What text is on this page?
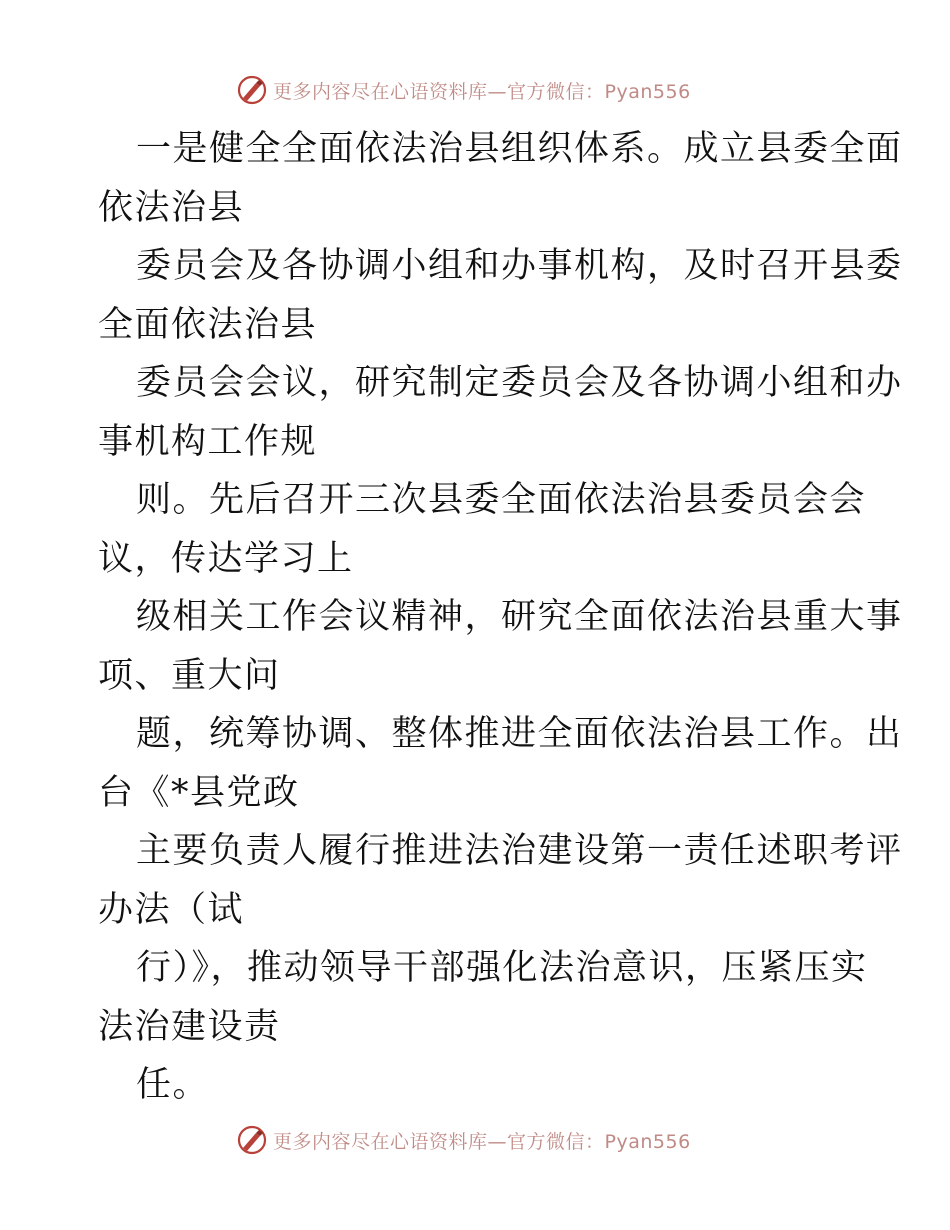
更多内容尽在心语资料库—官方微信：Pyan556
一是健全全面依法治县组织体系。成立县委全面
依法治县
委员会及各协调小组和办事机构，及时召开县委
全面依法治县
委员会会议，研究制定委员会及各协调小组和办
事机构工作规
则。先后召开三次县委全面依法治县委员会会
议，传达学习上
级相关工作会议精神，研究全面依法治县重大事
项、重大问
题，统筹协调、整体推进全面依法治县工作。出
台《*县党政
主要负责人履行推进法治建设第一责任述职考评
办法（试
行）》，推动领导干部强化法治意识，压紧压实
法治建设责
任。
更多内容尽在心语资料库—官方微信：Pyan556
